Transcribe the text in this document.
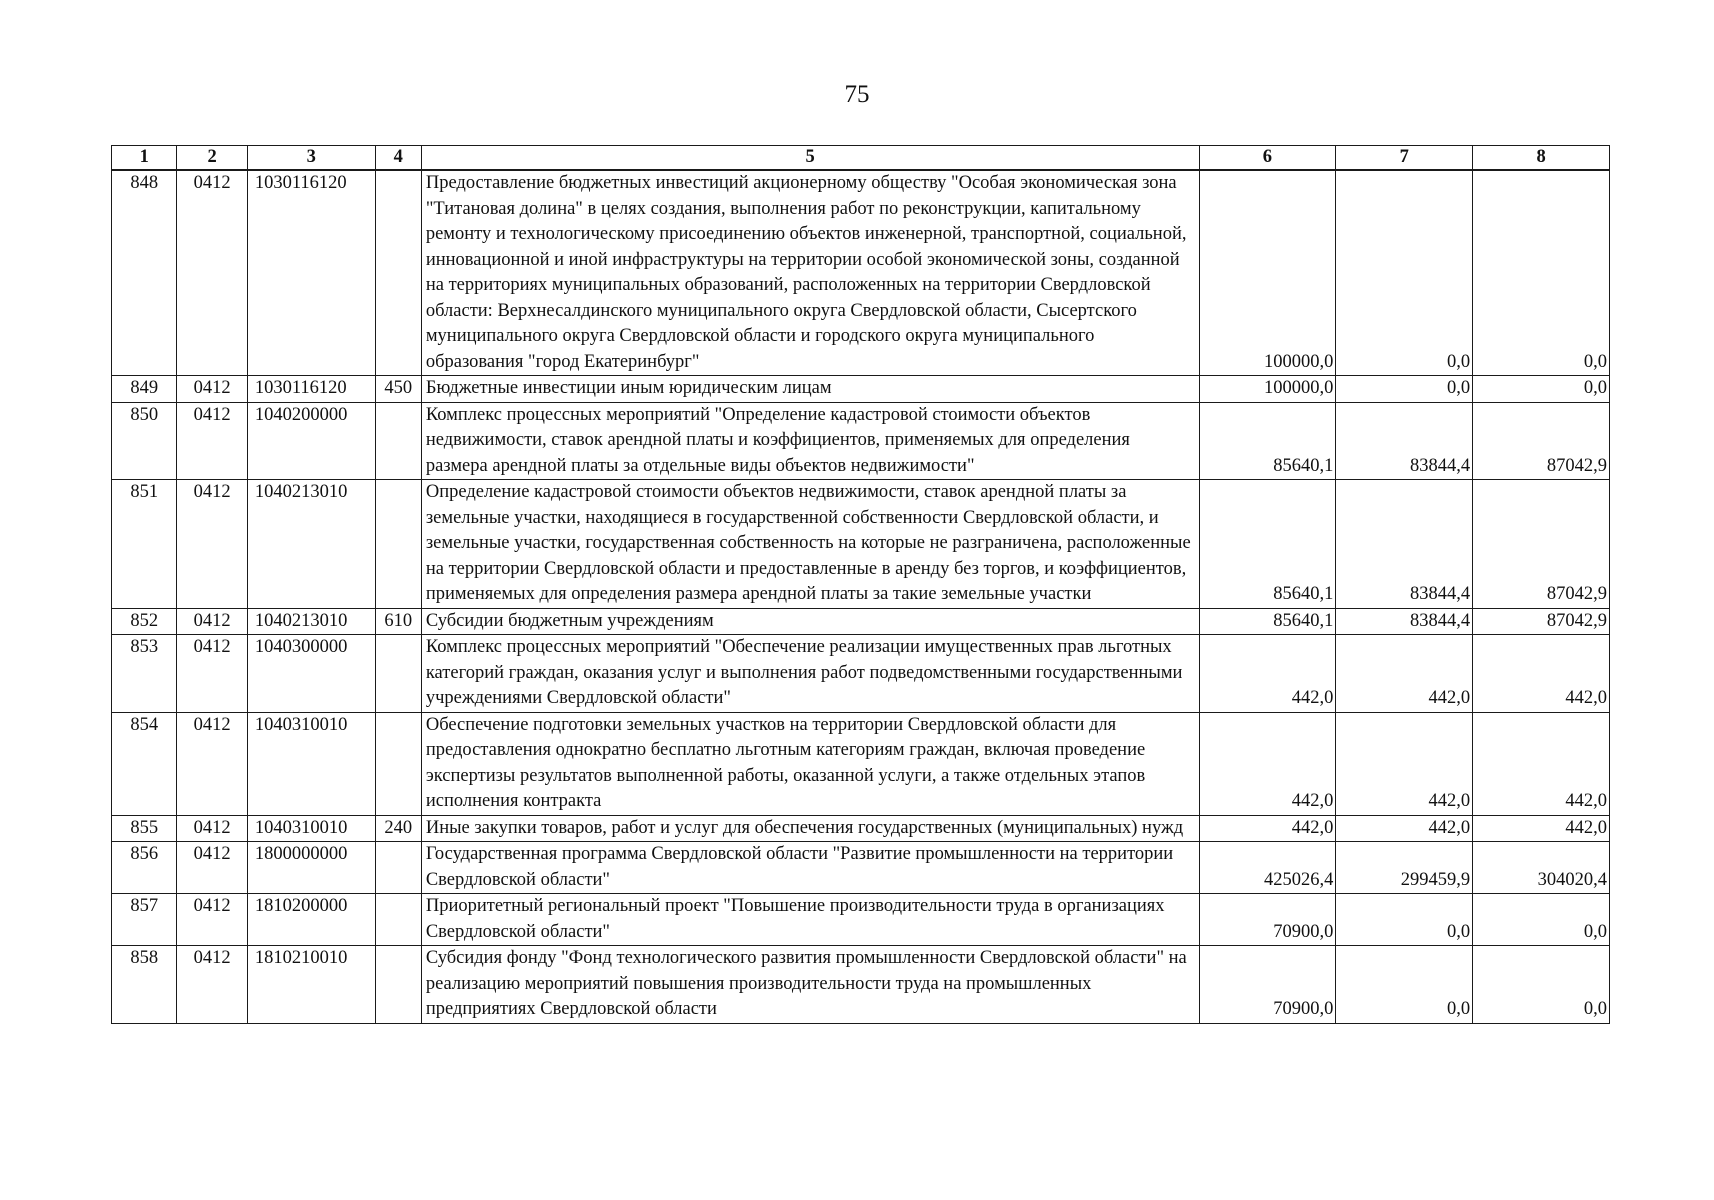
75
1	2	3	4	5	6	7	8
848	0412	1030116120		Предоставление бюджетных инвестиций акционерному обществу "Особая экономическая зона "Титановая долина" в целях создания, выполнения работ по реконструкции, капитальному ремонту и технологическому присоединению объектов инженерной, транспортной, социальной, инновационной и иной инфраструктуры на территории особой экономической зоны, созданной на территориях муниципальных образований, расположенных на территории Свердловской области: Верхнесалдинского муниципального округа Свердловской области, Сысертского муниципального округа Свердловской области и городского округа муниципального образования "город Екатеринбург"	100000,0	0,0	0,0
849	0412	1030116120	450	Бюджетные инвестиции иным юридическим лицам	100000,0	0,0	0,0
850	0412	1040200000		Комплекс процессных мероприятий "Определение кадастровой стоимости объектов недвижимости, ставок арендной платы и коэффициентов, применяемых для определения размера арендной платы за отдельные виды объектов недвижимости"	85640,1	83844,4	87042,9
851	0412	1040213010		Определение кадастровой стоимости объектов недвижимости, ставок арендной платы за земельные участки, находящиеся в государственной собственности Свердловской области, и земельные участки, государственная собственность на которые не разграничена, расположенные на территории Свердловской области и предоставленные в аренду без торгов, и коэффициентов, применяемых для определения размера арендной платы за такие земельные участки	85640,1	83844,4	87042,9
852	0412	1040213010	610	Субсидии бюджетным учреждениям	85640,1	83844,4	87042,9
853	0412	1040300000		Комплекс процессных мероприятий "Обеспечение реализации имущественных прав льготных категорий граждан, оказания услуг и выполнения работ подведомственными государственными учреждениями Свердловской области"	442,0	442,0	442,0
854	0412	1040310010		Обеспечение подготовки земельных участков на территории Свердловской области для предоставления однократно бесплатно льготным категориям граждан, включая проведение экспертизы результатов выполненной работы, оказанной услуги, а также отдельных этапов исполнения контракта	442,0	442,0	442,0
855	0412	1040310010	240	Иные закупки товаров, работ и услуг для обеспечения государственных (муниципальных) нужд	442,0	442,0	442,0
856	0412	1800000000		Государственная программа Свердловской области "Развитие промышленности на территории Свердловской области"	425026,4	299459,9	304020,4
857	0412	1810200000		Приоритетный региональный проект "Повышение производительности труда в организациях Свердловской области"	70900,0	0,0	0,0
858	0412	1810210010		Субсидия фонду "Фонд технологического развития промышленности Свердловской области" на реализацию мероприятий повышения производительности труда на промышленных предприятиях Свердловской области	70900,0	0,0	0,0
